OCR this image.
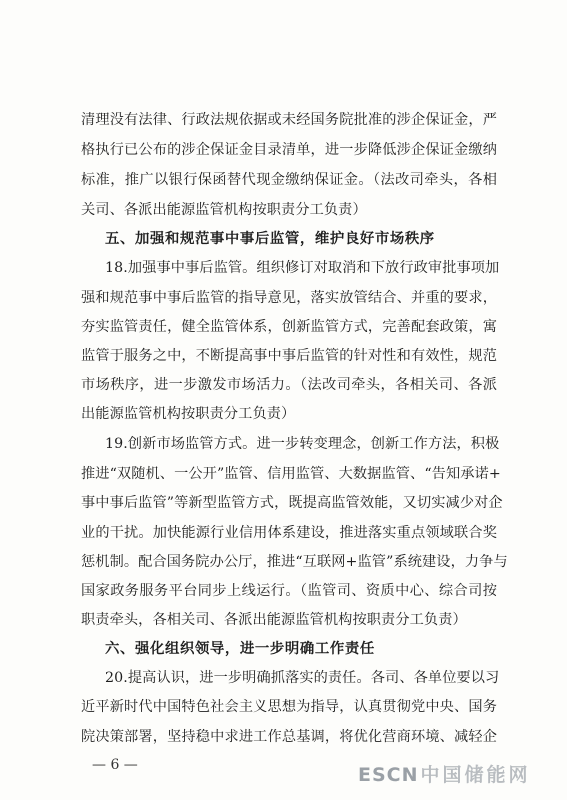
清理没有法律、行政法规依据或未经国务院批准的涉企保证金，严
格执行已公布的涉企保证金目录清单，进一步降低涉企保证金缴纳
标准，推广以银行保函替代现金缴纳保证金。（法改司牵头，各相
关司、各派出能源监管机构按职责分工负责）
五、加强和规范事中事后监管，维护良好市场秩序
18.加强事中事后监管。组织修订对取消和下放行政审批事项加
强和规范事中事后监管的指导意见，落实放管结合、并重的要求，
夯实监管责任，健全监管体系，创新监管方式，完善配套政策，寓
监管于服务之中，不断提高事中事后监管的针对性和有效性，规范
市场秩序，进一步激发市场活力。（法改司牵头，各相关司、各派
出能源监管机构按职责分工负责）
19.创新市场监管方式。进一步转变理念，创新工作方法，积极
推进“双随机、一公开”监管、信用监管、大数据监管、“告知承诺+
事中事后监管”等新型监管方式，既提高监管效能，又切实减少对企
业的干扰。加快能源行业信用体系建设，推进落实重点领域联合奖
惩机制。配合国务院办公厅，推进“互联网+监管”系统建设，力争与
国家政务服务平台同步上线运行。（监管司、资质中心、综合司按
职责牵头，各相关司、各派出能源监管机构按职责分工负责）
六、强化组织领导，进一步明确工作责任
20.提高认识，进一步明确抓落实的责任。各司、各单位要以习
近平新时代中国特色社会主义思想为指导，认真贯彻党中央、国务
院决策部署，坚持稳中求进工作总基调，将优化营商环境、减轻企
— 6 —	ESCN 中国储能网
